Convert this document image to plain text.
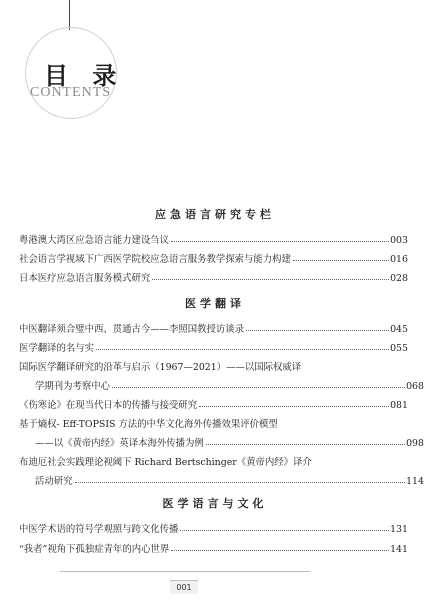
目 录
CONTENTS
应急语言研究专栏
粤港澳大湾区应急语言能力建设刍议	003
社会语言学视域下广西医学院校应急语言服务教学探索与能力构建	016
日本医疗应急语言服务模式研究	028
医学翻译
中医翻译须合璧中西、贯通古今——李照国教授访谈录	045
医学翻译的名与实	055
国际医学翻译研究的沿革与启示（1967—2021）——以国际权威译
学期刊为考察中心	068
《伤寒论》在现当代日本的传播与接受研究	081
基于熵权- Eff-TOPSIS 方法的中华文化海外传播效果评价模型
——以《黄帝内经》英译本海外传播为例	098
布迪厄社会实践理论视阈下 Richard Bertschinger《黄帝内经》译介
活动研究	114
医学语言与文化
中医学术语的符号学观照与跨文化传播	131
“我者”视角下孤独症青年的内心世界	141
001
